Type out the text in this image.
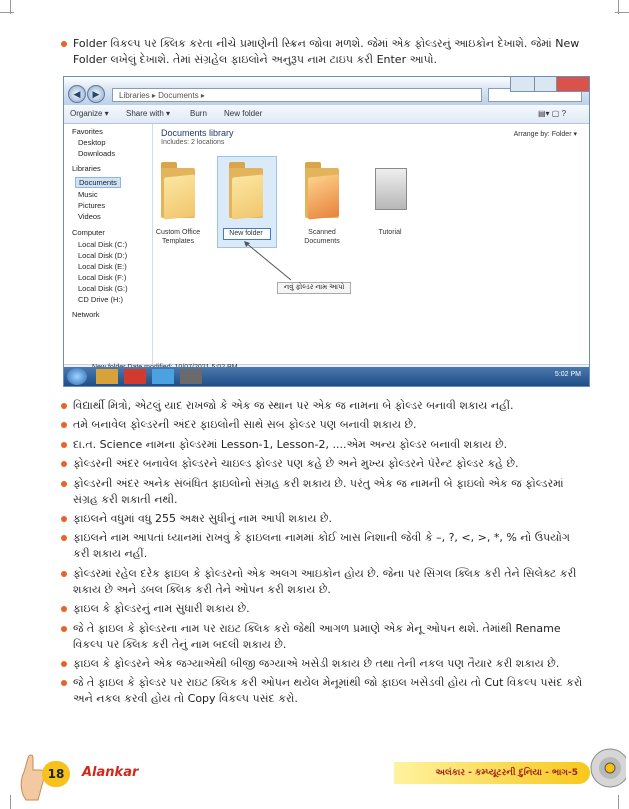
Folder વિકલ્પ પર ક્લિક કરતા નીચે પ્રમાણેની સ્ક્રિન જોવા મળશે. જેમાં એક ફોલ્ડરનું આઇકોન દેખાશે. જેમાં New Folder લખેલું દેખાશે. તેમાં સંગ્રહેલ ફાઇલોને અનુરૂપ નામ ટાઇપ કરી Enter આપો.
◀	▶	Libraries ▸ Documents ▸
Organize ▾ Share with ▾ Burn New folder	▤▾ ▢ ?
Favorites
Desktop
Downloads
Libraries
Documents
Music
Pictures
Videos
Computer
Local Disk (C:)
Local Disk (D:)
Local Disk (E:)
Local Disk (F:)
Local Disk (G:)
CD Drive (H:)
Network
Documents library
Includes: 2 locations
Arrange by: Folder ▾
Custom Office Templates
New folder	Scanned Documents
Tutorial
નવું ફોલ્ડર નામ આપો
5:02 PM
વિદ્યાર્થી મિત્રો, એટલું યાદ રાખજો કે એક જ સ્થાન પર એક જ નામના બે ફોલ્ડર બનાવી શકાય નહીં.
તમે બનાવેલ ફોલ્ડરની અંદર ફાઇલોની સાથે સબ ફોલ્ડર પણ બનાવી શકાય છે.
દા.ત. Science નામના ફોલ્ડરમાં Lesson-1, Lesson-2, ....એમ અન્ય ફોલ્ડર બનાવી શકાય છે.
ફોલ્ડરની અંદર બનાવેલ ફોલ્ડરને ચાઇલ્ડ ફોલ્ડર પણ કહે છે અને મુખ્ય ફોલ્ડરને પૅરેન્ટ ફોલ્ડર કહે છે.
ફોલ્ડરની અંદર અનેક સંબંધિત ફાઇલોનો સંગ્રહ કરી શકાય છે. પરંતુ એક જ નામની બે ફાઇલો એક જ ફોલ્ડરમાં સંગ્રહ કરી શકાતી નથી.
ફાઇલને વધુમાં વધુ 255 અક્ષર સુધીનું નામ આપી શકાય છે.
ફાઇલને નામ આપતાં ધ્યાનમાં રાખવું કે ફાઇલના નામમાં કોઈ ખાસ નિશાની જેવી કે –, ?, <, >, *, % નો ઉપયોગ કરી શકાય નહીં.
ફોલ્ડરમાં રહેલ દરેક ફાઇલ કે ફોલ્ડરનો એક અલગ આઇકોન હોય છે. જેના પર સિંગલ ક્લિક કરી તેને સિલેક્ટ કરી શકાય છે અને ડબલ ક્લિક કરી તેને ઓપન કરી શકાય છે.
ફાઇલ કે ફોલ્ડરનું નામ સુધારી શકાય છે.
જે તે ફાઇલ કે ફોલ્ડરના નામ પર રાઇટ ક્લિક કરો જેથી આગળ પ્રમાણે એક મેનૂ ઓપન થશે. તેમાંથી Rename વિકલ્પ પર ક્લિક કરી તેનું નામ બદલી શકાય છે.
ફાઇલ કે ફોલ્ડરને એક જગ્યાએથી બીજી જગ્યાએ ખસેડી શકાય છે તથા તેની નકલ પણ તૈયાર કરી શકાય છે.
જે તે ફાઇલ કે ફોલ્ડર પર રાઇટ ક્લિક કરી ઓપન થયેલ મેનૂમાંથી જો ફાઇલ ખસેડવી હોય તો Cut વિકલ્પ પસંદ કરો અને નકલ કરવી હોય તો Copy વિકલ્પ પસંદ કરો.
18	Alankar	અલંકાર - કમ્પ્યૂટરની દુનિયા - ભાગ-5
